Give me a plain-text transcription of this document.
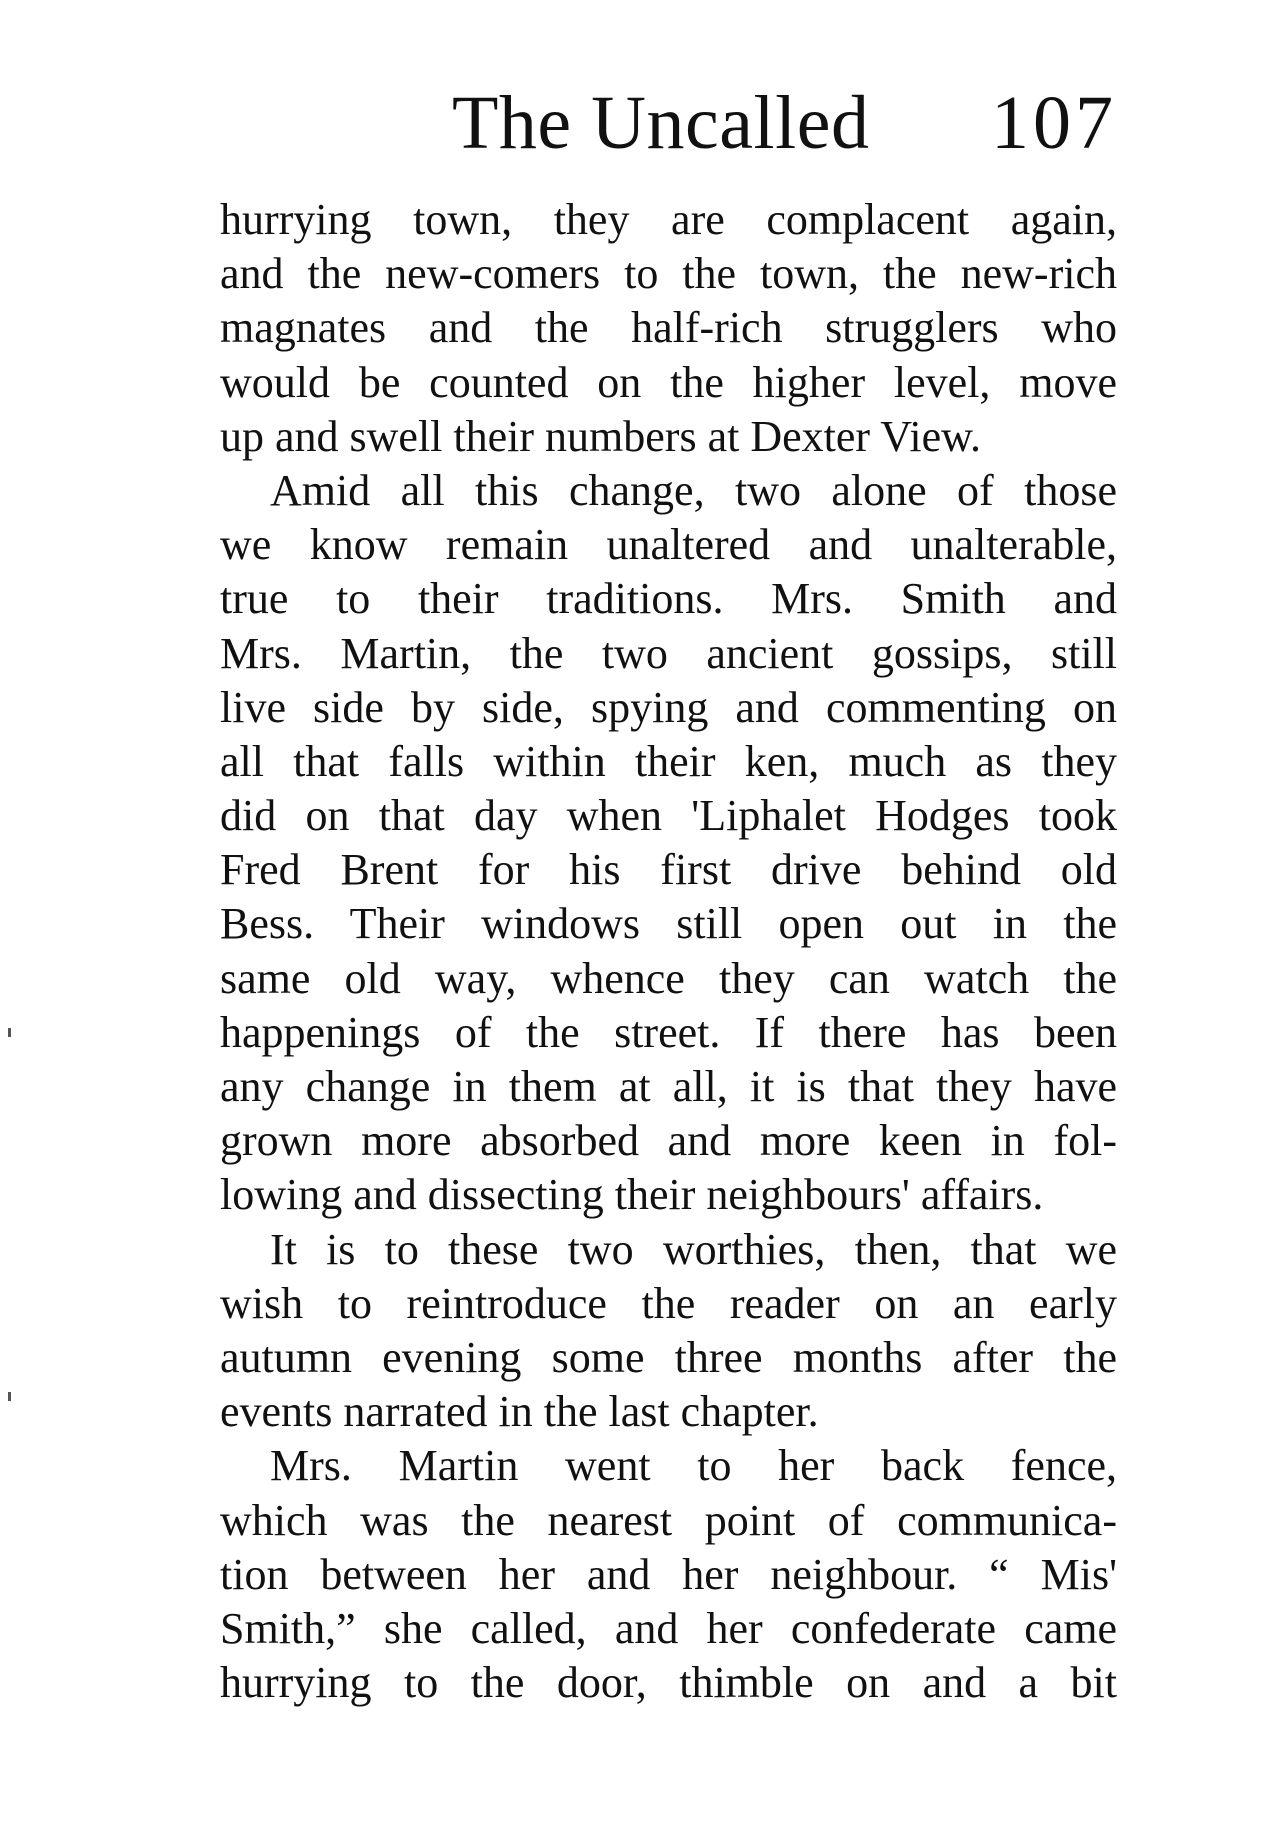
The Uncalled 107
hurrying town, they are complacent again,
and the new-comers to the town, the new-rich
magnates and the half-rich strugglers who
would be counted on the higher level, move
up and swell their numbers at Dexter View.
Amid all this change, two alone of those
we know remain unaltered and unalterable,
true to their traditions. Mrs. Smith and
Mrs. Martin, the two ancient gossips, still
live side by side, spying and commenting on
all that falls within their ken, much as they
did on that day when 'Liphalet Hodges took
Fred Brent for his first drive behind old
Bess. Their windows still open out in the
same old way, whence they can watch the
happenings of the street. If there has been
any change in them at all, it is that they have
grown more absorbed and more keen in fol-
lowing and dissecting their neighbours' affairs.
It is to these two worthies, then, that we
wish to reintroduce the reader on an early
autumn evening some three months after the
events narrated in the last chapter.
Mrs. Martin went to her back fence,
which was the nearest point of communica-
tion between her and her neighbour. “ Mis'
Smith,” she called, and her confederate came
hurrying to the door, thimble on and a bit
